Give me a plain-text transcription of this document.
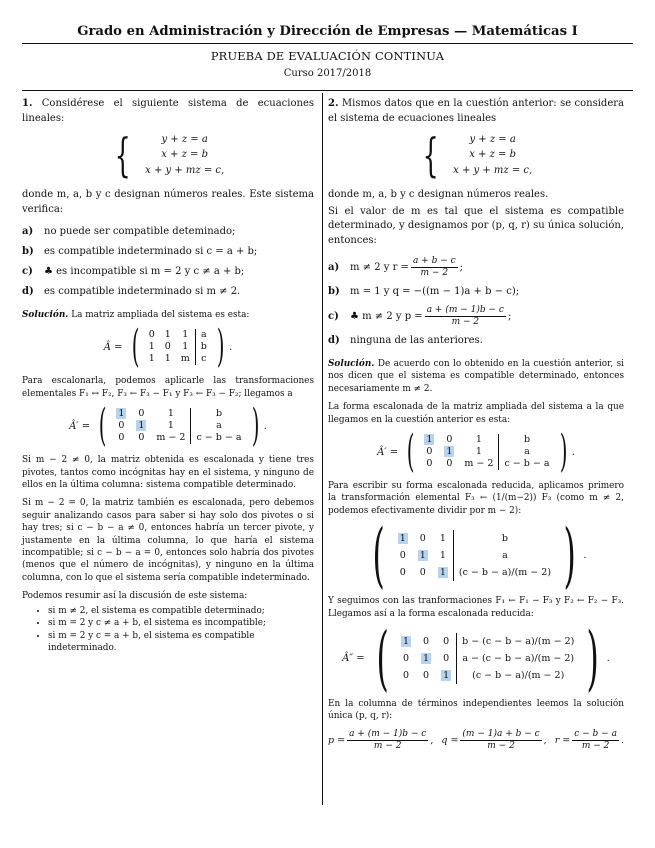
Grado en Administración y Dirección de Empresas — Matemáticas I
PRUEBA DE EVALUACIÓN CONTINUA
Curso 2017/2018

1. Considérese el siguiente sistema de ecuaciones lineales:

{	y + z = a
x + z = b
x + y + mz = c,

donde m, a, b y c designan números reales. Este sistema verifica:

a) no puede ser compatible deteminado;
b) es compatible indeterminado si c = a + b;
c) ♣ es incompatible si m = 2 y c ≠ a + b;
d) es compatible indeterminado si m ≠ 2.

Solución. La matriz ampliada del sistema es esta:

Â = ( 0	1	1	a
1	0	1	b
1	1	m	c ) .

Para escalonarla, podemos aplicarle las transformaciones elementales F₁ ↔ F₂, F₃ ← F₃ − F₁ y F₃ ← F₃ − F₂; llegamos a

Â′ = ( 1	0	1	b
0	1	1	a
0	0	m − 2	c − b − a ) .

Si m − 2 ≠ 0, la matriz obtenida es escalonada y tiene tres pivotes, tantos como incógnitas hay en el sistema, y ninguno de ellos en la última columna: sistema compatible determinado.

Si m − 2 = 0, la matriz también es escalonada, pero debemos seguir analizando casos para saber si hay solo dos pivotes o si hay tres; si c − b − a ≠ 0, entonces habría un tercer pivote, y justamente en la última columna, lo que haría el sistema incompatible; si c − b − a = 0, entonces solo habría dos pivotes (menos que el número de incógnitas), y ninguno en la última columna, con lo que el sistema sería compatible indeterminado.

Podemos resumir así la discusión de este sistema:

• si m ≠ 2, el sistema es compatible determinado;
• si m = 2 y c ≠ a + b, el sistema es incompatible;
• si m = 2 y c = a + b, el sistema es compatible indeterminado.

2. Mismos datos que en la cuestión anterior: se considera el sistema de ecuaciones lineales

{	y + z = a
x + z = b
x + y + mz = c,

donde m, a, b y c designan números reales.

Si el valor de m es tal que el sistema es compatible determinado, y designamos por (p, q, r) su única solución, entonces:

a) m ≠ 2 y $r = \frac{a + b - c}{m - 2}$ ;
b) m = 1 y q = −((m − 1)a + b − c);
c) ♣ m ≠ 2 y $p = \frac{a + (m - 1)b - c}{m - 2}$ ;
d) ninguna de las anteriores.

Solución. De acuerdo con lo obtenido en la cuestión anterior, si nos dicen que el sistema es compatible determinado, entonces necesariamente m ≠ 2.

La forma escalonada de la matriz ampliada del sistema a la que llegamos en la cuestión anterior es esta:

Â′ = ( 1	0	1	b
0	1	1	a
0	0	m − 2	c − b − a ) .

Para escribir su forma escalonada reducida, aplicamos primero la transformación elemental F₃ ← (1/(m−2)) F₃ (como m ≠ 2, podemos efectivamente dividir por m − 2):

( 1	0	1	b
0	1	1	a
0	0	1	(c − b − a)/(m − 2) ) .

Y seguimos con las tranformaciones F₁ ← F₁ − F₃ y F₂ ← F₂ − F₃. Llegamos así a la forma escalonada reducida:

Â″ = ( 1	0	0	b − (c − b − a)/(m − 2)
0	1	0	a − (c − b − a)/(m − 2)
0	0	1	(c − b − a)/(m − 2) ) .

En la columna de términos independientes leemos la solución única (p, q, r):

$p = \frac{a + (m - 1)b - c}{m - 2}$ , $q = \frac{(m - 1)a + b - c}{m - 2}$ , $r = \frac{c - b - a}{m - 2}$ .
